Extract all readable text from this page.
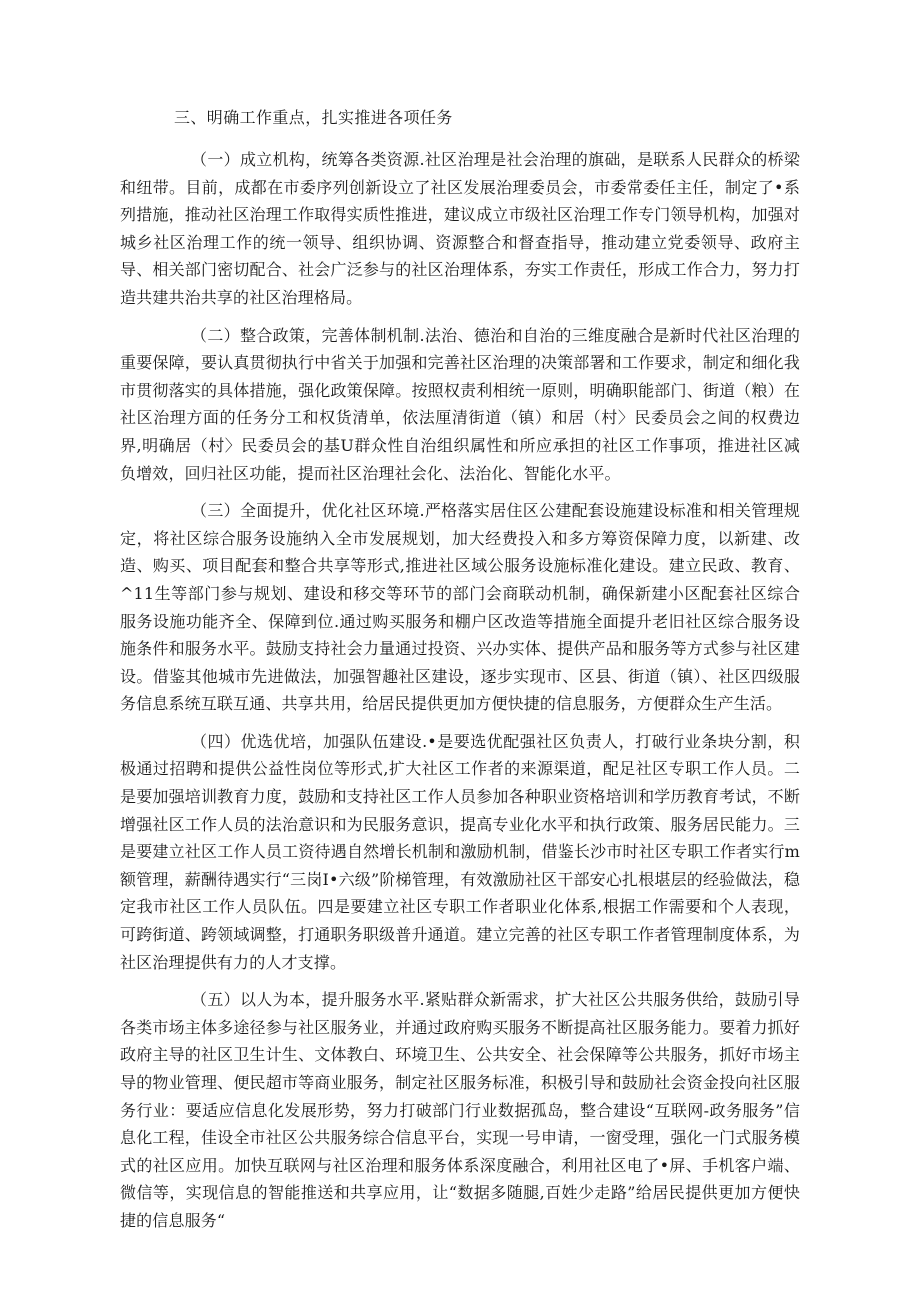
三、明确工作重点，扎实推进各项任务

（一）成立机构，统筹各类资源.社区治理是社会治理的旗础，是联系人民群众的桥梁和纽带。目前，成都在市委序列创新设立了社区发展治理委员会，市委常委任主任，制定了•系列措施，推动社区治理工作取得实质性推进，建议成立市级社区治理工作专门领导机构，加强对城乡社区治理工作的统一领导、组织协调、资源整合和督查指导，推动建立党委领导、政府主导、相关部门密切配合、社会广泛参与的社区治理体系，夯实工作责任，形成工作合力，努力打造共建共治共享的社区治理格局。

（二）整合政策，完善体制机制.法治、德治和自治的三维度融合是新时代社区治理的重要保障，要认真贯彻执行中省关于加强和完善社区治理的决策部署和工作要求，制定和细化我市贯彻落实的具体措施，强化政策保障。按照权责利相统一原则，明确职能部门、街道（粮）在社区治理方面的任务分工和权货清单，依法厘清街道（镇）和居（村〉民委员会之间的权费边界,明确居（村〉民委员会的基U群众性自治组织属性和所应承担的社区工作事项，推进社区减负增效，回归社区功能，提而社区治理社会化、法治化、智能化水平。

（三）全面提升，优化社区环境.严格落实居住区公建配套设施建设标准和相关管理规定，将社区综合服务设施纳入全市发展规划，加大经费投入和多方筹资保障力度，以新建、改造、购买、项目配套和整合共享等形式,推进社区域公服务设施标准化建设。建立民政、教育、^11生等部门参与规划、建设和移交等环节的部门会商联动机制，确保新建小区配套社区综合服务设施功能齐全、保障到位.通过购买服务和棚户区改造等措施全面提升老旧社区综合服务设施条件和服务水平。鼓励支持社会力量通过投资、兴办实体、提供产品和服务等方式参与社区建设。借鉴其他城市先进做法，加强智趣社区建设，逐步实现市、区县、街道（镇）、社区四级服务信息系统互联互通、共享共用，给居民提供更加方便快捷的信息服务，方便群众生产生活。

（四）优选优培，加强队伍建设.•是要选优配强社区负责人，打破行业条块分割，积极通过招聘和提供公益性岗位等形式,扩大社区工作者的来源渠道，配足社区专职工作人员。二是要加强培训教育力度，鼓励和支持社区工作人员参加各种职业资格培训和学历教育考试，不断增强社区工作人员的法治意识和为民服务意识，提高专业化水平和执行政策、服务居民能力。三是要建立社区工作人员工资待遇自然增长机制和激励机制，借鉴长沙市时社区专职工作者实行m额管理，薪酬待遇实行“三岗I•六级”阶梯管理，有效激励社区干部安心扎根堪层的经验做法，稳定我市社区工作人员队伍。四是要建立社区专职工作者职业化体系,根据工作需要和个人表现，可跨街道、跨领域调整，打通职务职级普升通道。建立完善的社区专职工作者管理制度体系，为社区治理提供有力的人才支撑。

（五）以人为本，提升服务水平.紧贴群众新需求，扩大社区公共服务供给，鼓励引导各类市场主体多途径参与社区服务业，并通过政府购买服务不断提高社区服务能力。要着力抓好政府主导的社区卫生计生、文体教白、环境卫生、公共安全、社会保障等公共服务，抓好市场主导的物业管理、便民超市等商业服务，制定社区服务标准，积极引导和鼓励社会资金投向社区服务行业：要适应信息化发展形势，努力打破部门行业数据孤岛，整合建设“互联网-政务服务”信息化工程，佳设全市社区公共服务综合信息平台，实现一号申请，一窗受理，强化一门式服务模式的社区应用。加快互联网与社区治理和服务体系深度融合，利用社区电了•屏、手机客户端、微信等，实现信息的智能推送和共享应用，让“数据多随腿,百姓少走路”给居民提供更加方便快捷的信息服务“
